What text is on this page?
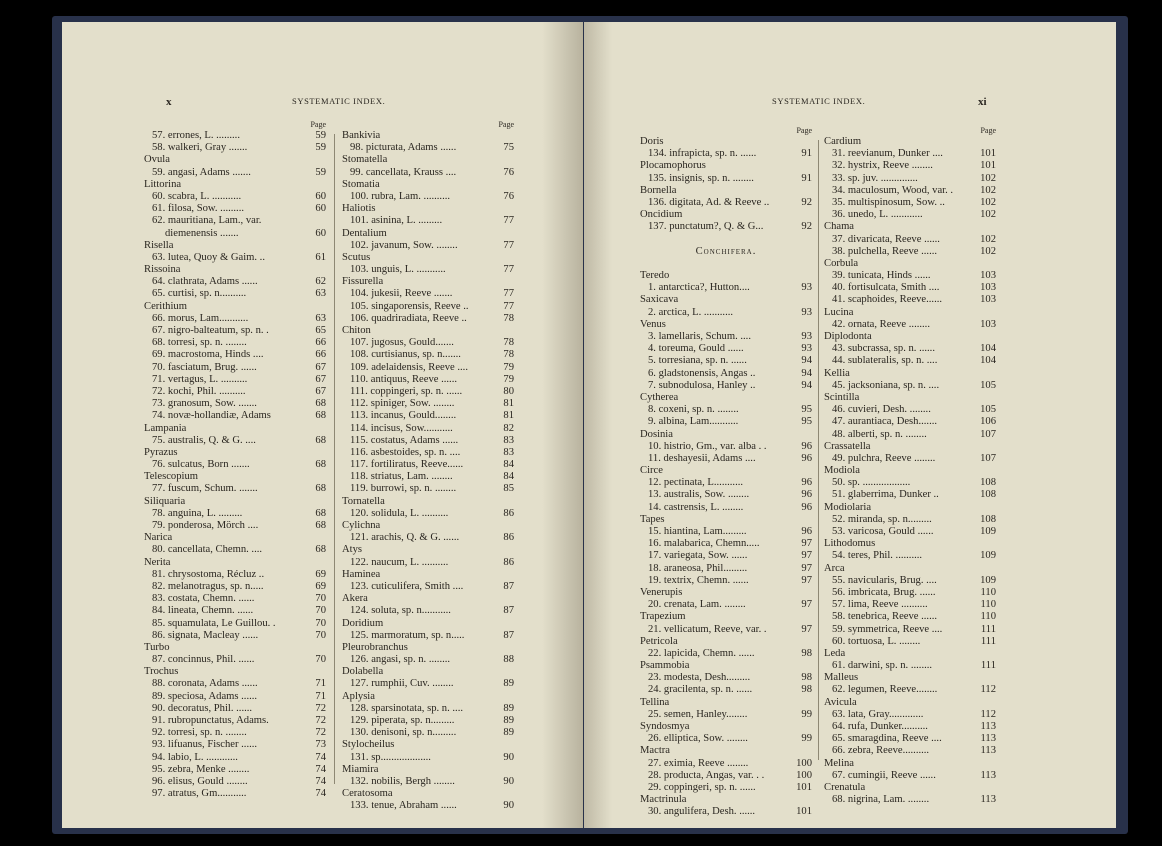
x	SYSTEMATIC INDEX.
Page
57. errones, L. .........	59
58. walkeri, Gray .......	59
Ovula
59. angasi, Adams .......	59
Littorina
60. scabra, L. ...........	60
61. filosa, Sow. .........	60
62. mauritiana, Lam., var.
diemenensis .......	60
Risella
63. lutea, Quoy & Gaim. ..	61
Rissoina
64. clathrata, Adams ......	62
65. curtisi, sp. n..........	63
Cerithium
66. morus, Lam...........	63
67. nigro-balteatum, sp. n. .	65
68. torresi, sp. n. ........	66
69. macrostoma, Hinds ....	66
70. fasciatum, Brug. ......	67
71. vertagus, L. ..........	67
72. kochi, Phil. ..........	67
73. granosum, Sow. .......	68
74. novæ-hollandiæ, Adams	68
Lampania
75. australis, Q. & G. ....	68
Pyrazus
76. sulcatus, Born .......	68
Telescopium
77. fuscum, Schum. .......	68
Siliquaria
78. anguina, L. .........	68
79. ponderosa, Mörch ....	68
Narica
80. cancellata, Chemn. ....	68
Nerita
81. chrysostoma, Récluz ..	69
82. melanotragus, sp. n.....	69
83. costata, Chemn. ......	70
84. lineata, Chemn. ......	70
85. squamulata, Le Guillou. .	70
86. signata, Macleay ......	70
Turbo
87. concinnus, Phil. ......	70
Trochus
88. coronata, Adams ......	71
89. speciosa, Adams ......	71
90. decoratus, Phil. ......	72
91. rubropunctatus, Adams.	72
92. torresi, sp. n. ........	72
93. lifuanus, Fischer ......	73
94. labio, L. ............	74
95. zebra, Menke ........	74
96. elisus, Gould ........	74
97. atratus, Gm...........	74
Page
Bankivia
98. picturata, Adams ......	75
Stomatella
99. cancellata, Krauss ....	76
Stomatia
100. rubra, Lam. ..........	76
Haliotis
101. asinina, L. .........	77
Dentalium
102. javanum, Sow. ........	77
Scutus
103. unguis, L. ...........	77
Fissurella
104. jukesii, Reeve .......	77
105. singaporensis, Reeve ..	77
106. quadriradiata, Reeve ..	78
Chiton
107. jugosus, Gould.......	78
108. curtisianus, sp. n.......	78
109. adelaidensis, Reeve ....	79
110. antiquus, Reeve ......	79
111. coppingeri, sp. n. ......	80
112. spiniger, Sow. ........	81
113. incanus, Gould........	81
114. incisus, Sow...........	82
115. costatus, Adams ......	83
116. asbestoides, sp. n. ....	83
117. fortiliratus, Reeve......	84
118. striatus, Lam. ........	84
119. burrowi, sp. n. ........	85
Tornatella
120. solidula, L. ..........	86
Cylichna
121. arachis, Q. & G. ......	86
Atys
122. naucum, L. ..........	86
Haminea
123. cuticulifera, Smith ....	87
Akera
124. soluta, sp. n...........	87
Doridium
125. marmoratum, sp. n.....	87
Pleurobranchus
126. angasi, sp. n. ........	88
Dolabella
127. rumphii, Cuv. ........	89
Aplysia
128. sparsinotata, sp. n. ....	89
129. piperata, sp. n.........	89
130. denisoni, sp. n.........	89
Stylocheilus
131. sp...................	90
Miamira
132. nobilis, Bergh ........	90
Ceratosoma
133. tenue, Abraham ......	90
SYSTEMATIC INDEX.	xi
Page
Doris
134. infrapicta, sp. n. ......	91
Plocamophorus
135. insignis, sp. n. ........	91
Bornella
136. digitata, Ad. & Reeve ..	92
Oncidium
137. punctatum?, Q. & G...	92
Conchifera.
Teredo
1. antarctica?, Hutton....	93
Saxicava
2. arctica, L. ...........	93
Venus
3. lamellaris, Schum. ....	93
4. toreuma, Gould ......	93
5. torresiana, sp. n. ......	94
6. gladstonensis, Angas ..	94
7. subnodulosa, Hanley ..	94
Cytherea
8. coxeni, sp. n. ........	95
9. albina, Lam...........	95
Dosinia
10. histrio, Gm., var. alba . .	96
11. deshayesii, Adams ....	96
Circe
12. pectinata, L...........	96
13. australis, Sow. ........	96
14. castrensis, L. ........	96
Tapes
15. hiantina, Lam.........	96
16. malabarica, Chemn.....	97
17. variegata, Sow. ......	97
18. araneosa, Phil.........	97
19. textrix, Chemn. ......	97
Venerupis
20. crenata, Lam. ........	97
Trapezium
21. vellicatum, Reeve, var. .	97
Petricola
22. lapicida, Chemn. ......	98
Psammobia
23. modesta, Desh.........	98
24. gracilenta, sp. n. ......	98
Tellina
25. semen, Hanley........	99
Syndosmya
26. elliptica, Sow. ........	99
Mactra
27. eximia, Reeve ........	100
28. producta, Angas, var. . .	100
29. coppingeri, sp. n. ......	101
Mactrinula
30. angulifera, Desh. ......	101
Page
Cardium
31. reevianum, Dunker ....	101
32. hystrix, Reeve ........	101
33. sp. juv. ..............	102
34. maculosum, Wood, var. .	102
35. multispinosum, Sow. ..	102
36. unedo, L. ............	102
Chama
37. divaricata, Reeve ......	102
38. pulchella, Reeve ......	102
Corbula
39. tunicata, Hinds ......	103
40. fortisulcata, Smith ....	103
41. scaphoides, Reeve......	103
Lucina
42. ornata, Reeve ........	103
Diplodonta
43. subcrassa, sp. n. ......	104
44. sublateralis, sp. n. ....	104
Kellia
45. jacksoniana, sp. n. ....	105
Scintilla
46. cuvieri, Desh. ........	105
47. aurantiaca, Desh.......	106
48. alberti, sp. n. ........	107
Crassatella
49. pulchra, Reeve ........	107
Modiola
50. sp. ..................	108
51. glaberrima, Dunker ..	108
Modiolaria
52. miranda, sp. n.........	108
53. varicosa, Gould ......	109
Lithodomus
54. teres, Phil. ..........	109
Arca
55. navicularis, Brug. ....	109
56. imbricata, Brug. ......	110
57. lima, Reeve ..........	110
58. tenebrica, Reeve ......	110
59. symmetrica, Reeve ....	111
60. tortuosa, L. ........	111
Leda
61. darwini, sp. n. ........	111
Malleus
62. legumen, Reeve........	112
Avicula
63. lata, Gray.............	112
64. rufa, Dunker..........	113
65. smaragdina, Reeve ....	113
66. zebra, Reeve..........	113
Melina
67. cumingii, Reeve ......	113
Crenatula
68. nigrina, Lam. ........	113
